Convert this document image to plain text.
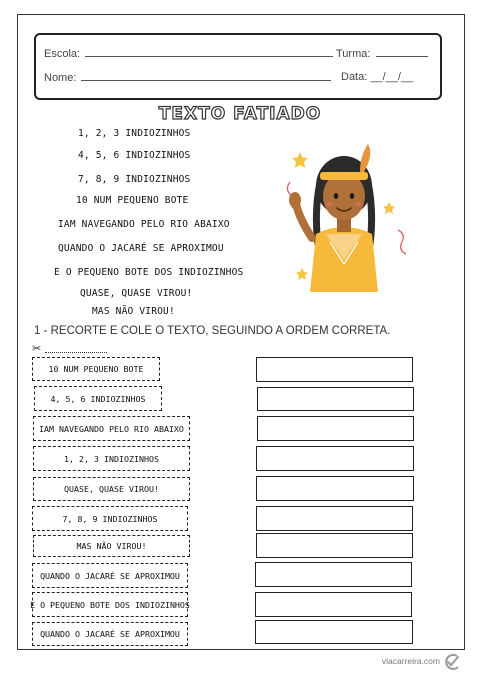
Escola:	Turma:
Nome:	Data: __/__/__
TEXTO FATIADO
1, 2, 3 INDIOZINHOS
4, 5, 6 INDIOZINHOS
7, 8, 9 INDIOZINHOS
10 NUM PEQUENO BOTE
IAM NAVEGANDO PELO RIO ABAIXO
QUANDO O JACARÉ SE APROXIMOU
E O PEQUENO BOTE DOS INDIOZINHOS
QUASE, QUASE VIROU!
MAS NÃO VIROU!
1 - RECORTE E COLE O TEXTO, SEGUINDO A ORDEM CORRETA.
✂
10 NUM PEQUENO BOTE
4, 5, 6 INDIOZINHOS
IAM NAVEGANDO PELO RIO ABAIXO
1, 2, 3 INDIOZINHOS
QUASE, QUASE VIROU!
7, 8, 9 INDIOZINHOS
MAS NÃO VIROU!
QUANDO O JACARÉ SE APROXIMOU
E O PEQUENO BOTE DOS INDIOZINHOS
QUANDO O JACARÉ SE APROXIMOU
viacarreira.com
